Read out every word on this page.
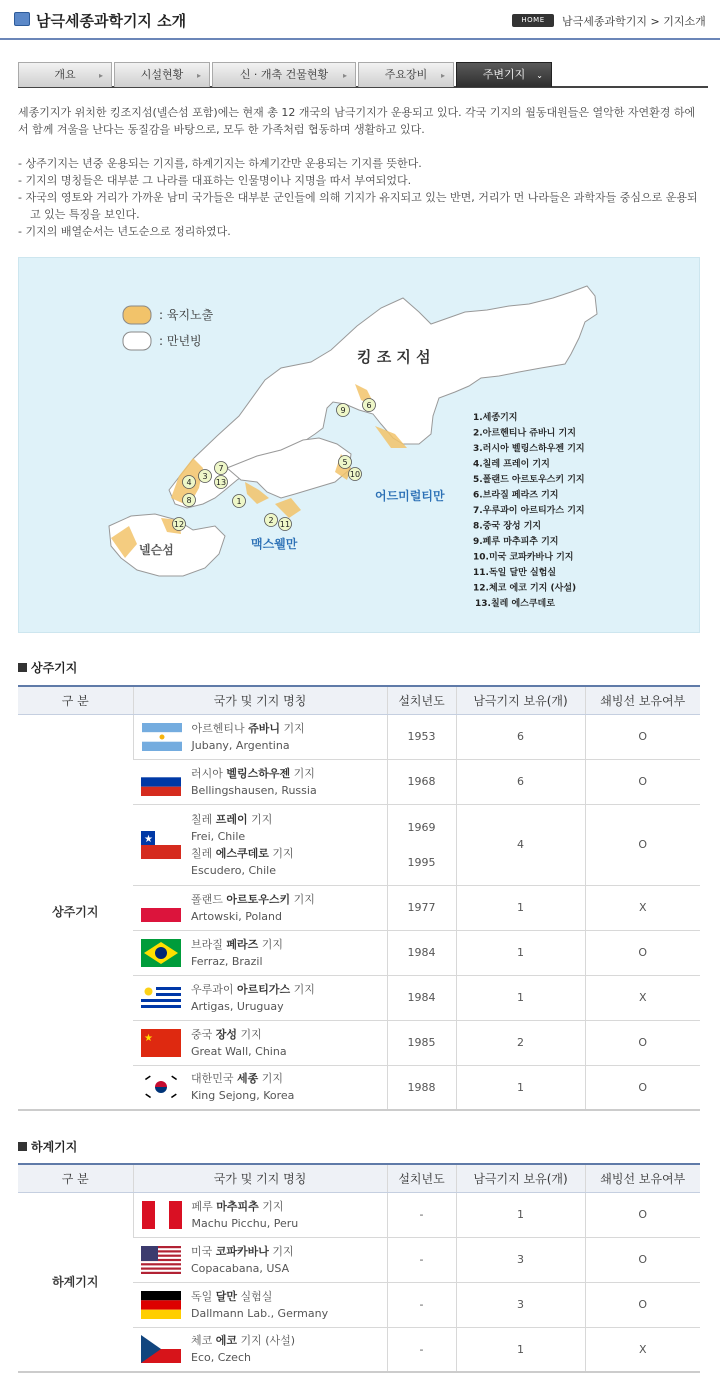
남극세종과학기지 소개	HOME	남극세종과학기지 > 기지소개
개요	▸	시설현황 ▸	신 · 개축 건물현황 ▸	주요장비 ▸	주변기지 ⌄

세종기지가 위치한 킹조지섬(넬슨섬 포함)에는 현재 총 12 개국의 남극기지가 운용되고 있다. 각국 기지의 월동대원들은 열악한 자연환경 하에서 함께 겨울을 난다는 동질감을 바탕으로, 모두 한 가족처럼 협동하며 생활하고 있다.

- 상주기지는 년중 운용되는 기지를, 하계기지는 하계기간만 운용되는 기지를 뜻한다.
- 기지의 명칭들은 대부분 그 나라를 대표하는 인물명이나 지명을 따서 부여되었다.
- 자국의 영토와 거리가 가까운 남미 국가들은 대부분 군인들에 의해 기지가 유지되고 있는 반면, 거리가 먼 나라들은 과학자들 중심으로 운용되고 있는 특징을 보인다.
- 기지의 배열순서는 년도순으로 정리하였다.
: 육지노출
: 만년빙
킹 조 지 섬
넬슨섬	맥스웰만
어드미럴티만
1
2
3
4
5
6
7
8
9
10
11
12
13
1.세종기지
2.아르헨티나 쥬바니 기지
3.러시아 벨링스하우젠 기지
4.칠레 프레이 기지
5.폴랜드 아르토우스키 기지
6.브라질 페라즈 기지
7.우루과이 아르티가스 기지
8.중국 장성 기지
9.페루 마추피추 기지
10.미국 코파카바나 기지
11.독일 달만 실험실
12.체코 에코 기지 (사설)
13.칠레 에스쿠데로
상주기지
구 분	국가 및 기지 명칭	설치년도	남극기지 보유(개)	쇄빙선 보유여부
상주기지	아르헨티나 쥬바니 기지
Jubany, Argentina	1953	6	O
	러시아 벨링스하우젠 기지
Bellingshausen, Russia	1968	6	O

★
칠레 프레이 기지
Frei, Chile
칠레 에스쿠데로 기지
Escudero, Chile	1969
1995	4	O
	폴랜드 아르토우스키 기지
Artowski, Poland	1977	1	X
	브라질 페라즈 기지
Ferraz, Brazil	1984	1	O
	우루과이 아르티가스 기지
Artigas, Uruguay	1984	1	X

★ 중국 장성 기지
Great Wall, China	1985	2	O
	대한민국 세종 기지
King Sejong, Korea	1988	1	O
하계기지
구 분	국가 및 기지 명칭	설치년도	남극기지 보유(개)	쇄빙선 보유여부
하계기지	페루 마추피추 기지
Machu Picchu, Peru	-	1	O
	미국 코파카바나 기지
Copacabana, USA	-	3	O
	독일 달만 실험실
Dallmann Lab., Germany	-	3	O
	체코 에코 기지 (사설)
Eco, Czech	-	1	X
